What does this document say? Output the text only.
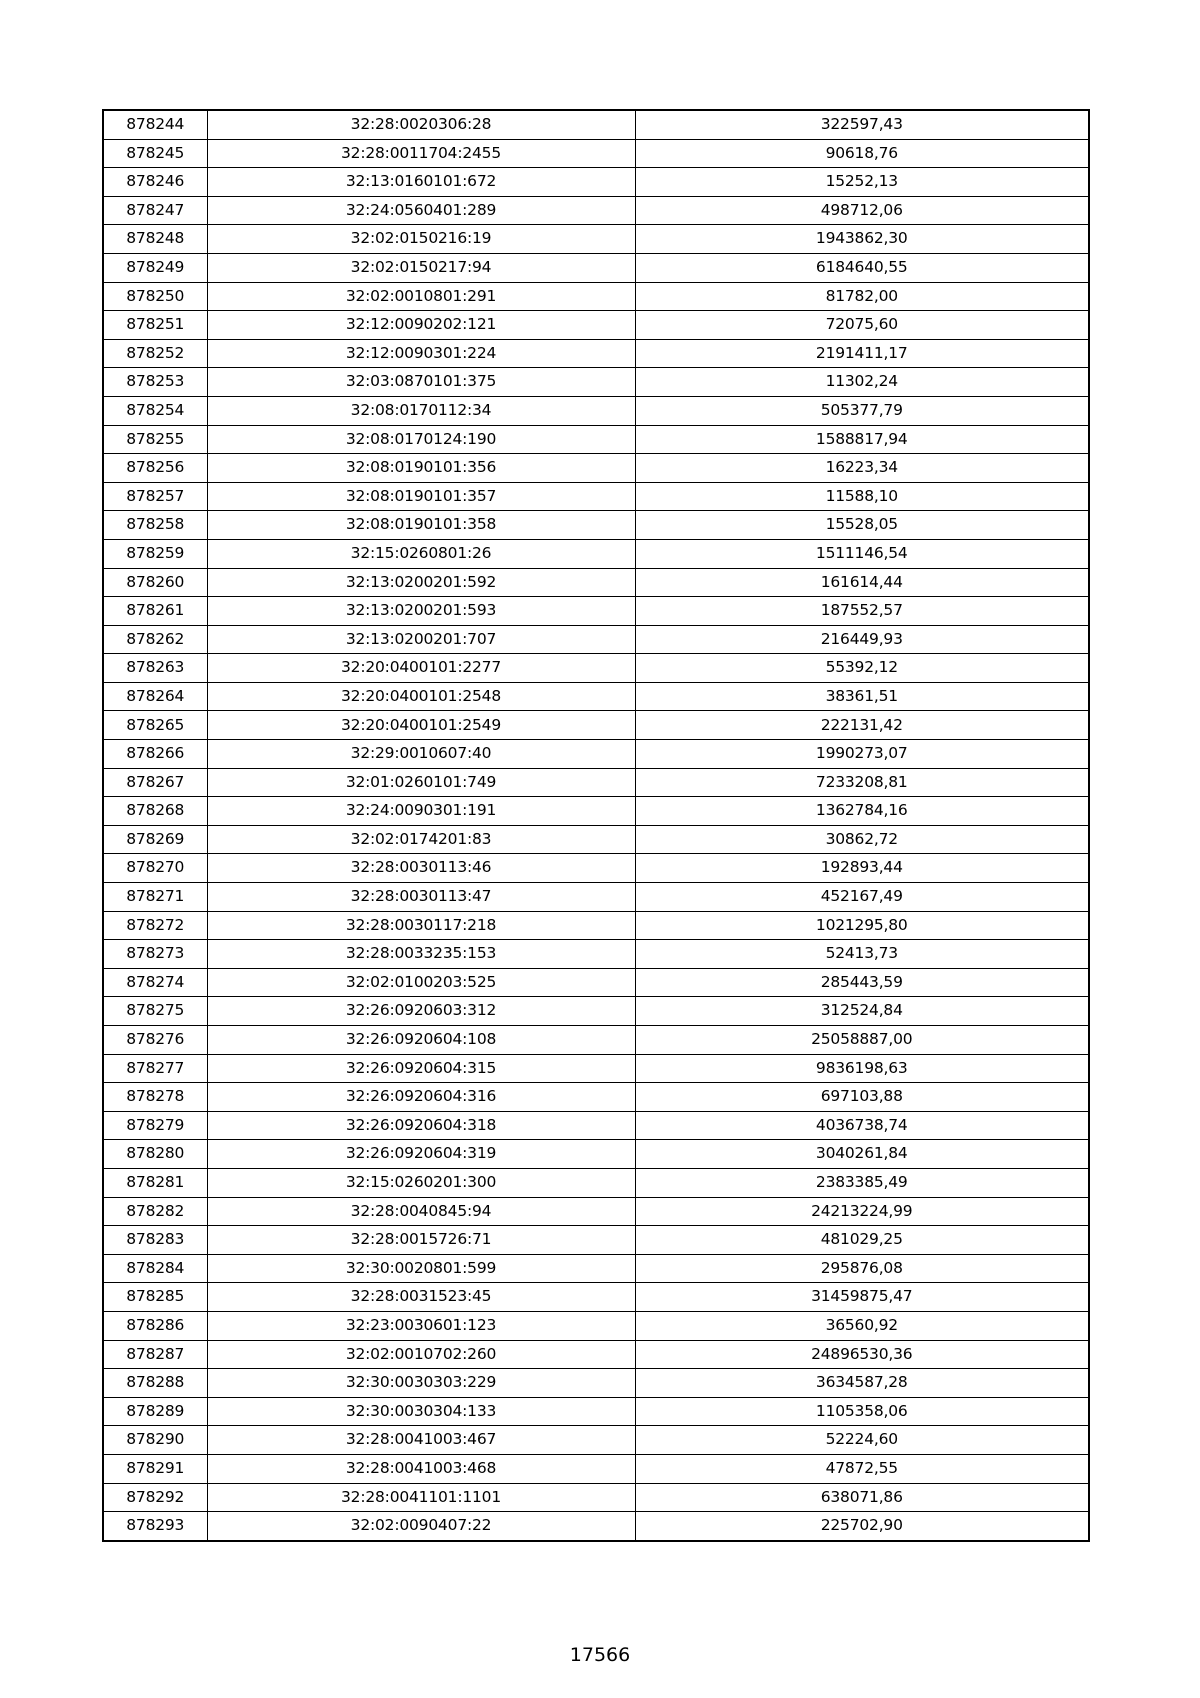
878244	32:28:0020306:28	322597,43
878245	32:28:0011704:2455	90618,76
878246	32:13:0160101:672	15252,13
878247	32:24:0560401:289	498712,06
878248	32:02:0150216:19	1943862,30
878249	32:02:0150217:94	6184640,55
878250	32:02:0010801:291	81782,00
878251	32:12:0090202:121	72075,60
878252	32:12:0090301:224	2191411,17
878253	32:03:0870101:375	11302,24
878254	32:08:0170112:34	505377,79
878255	32:08:0170124:190	1588817,94
878256	32:08:0190101:356	16223,34
878257	32:08:0190101:357	11588,10
878258	32:08:0190101:358	15528,05
878259	32:15:0260801:26	1511146,54
878260	32:13:0200201:592	161614,44
878261	32:13:0200201:593	187552,57
878262	32:13:0200201:707	216449,93
878263	32:20:0400101:2277	55392,12
878264	32:20:0400101:2548	38361,51
878265	32:20:0400101:2549	222131,42
878266	32:29:0010607:40	1990273,07
878267	32:01:0260101:749	7233208,81
878268	32:24:0090301:191	1362784,16
878269	32:02:0174201:83	30862,72
878270	32:28:0030113:46	192893,44
878271	32:28:0030113:47	452167,49
878272	32:28:0030117:218	1021295,80
878273	32:28:0033235:153	52413,73
878274	32:02:0100203:525	285443,59
878275	32:26:0920603:312	312524,84
878276	32:26:0920604:108	25058887,00
878277	32:26:0920604:315	9836198,63
878278	32:26:0920604:316	697103,88
878279	32:26:0920604:318	4036738,74
878280	32:26:0920604:319	3040261,84
878281	32:15:0260201:300	2383385,49
878282	32:28:0040845:94	24213224,99
878283	32:28:0015726:71	481029,25
878284	32:30:0020801:599	295876,08
878285	32:28:0031523:45	31459875,47
878286	32:23:0030601:123	36560,92
878287	32:02:0010702:260	24896530,36
878288	32:30:0030303:229	3634587,28
878289	32:30:0030304:133	1105358,06
878290	32:28:0041003:467	52224,60
878291	32:28:0041003:468	47872,55
878292	32:28:0041101:1101	638071,86
878293	32:02:0090407:22	225702,90
17566
